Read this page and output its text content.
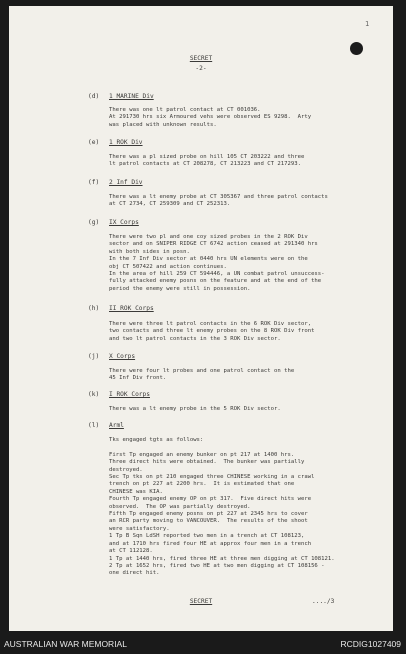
1
SECRET
-2-
(d) 1 MARINE Div
There was one lt patrol contact at CT 001036.
At 291730 hrs six Armoured vehs were observed ES 9298.  Arty
was placed with unknown results.
(e) 1 ROK Div
There was a pl sized probe on hill 105 CT 203222 and three
lt patrol contacts at CT 208278, CT 213223 and CT 217293.
(f) 2 Inf Div
There was a lt enemy probe at CT 305367 and three patrol contacts
at CT 2734, CT 259309 and CT 252313.
(g) IX Corps
There were two pl and one coy sized probes in the 2 ROK Div
sector and on SNIPER RIDGE CT 6742 action ceased at 291340 hrs
with both sides in posn.
In the 7 Inf Div sector at 0440 hrs UN elements were on the
obj CT 507422 and action continues.
In the area of hill 259 CT 594446, a UN combat patrol unsuccess-
fully attacked enemy posns on the feature and at the end of the
period the enemy were still in possession.
(h) II ROK Corps
There were three lt patrol contacts in the 6 ROK Div sector,
two contacts and three lt enemy probes on the 8 ROK Div front
and two lt patrol contacts in the 3 ROK Div sector.
(j) X Corps
There were four lt probes and one patrol contact on the
45 Inf Div front.
(k) I ROK Corps
There was a lt enemy probe in the 5 ROK Div sector.
(l) Arml
Tks engaged tgts as follows:

First Tp engaged an enemy bunker on pt 217 at 1400 hrs.
Three direct hits were obtained.  The bunker was partially
destroyed.
Sec Tp tks on pt 210 engaged three CHINESE working in a crawl
trench on pt 227 at 2200 hrs.  It is estimated that one
CHINESE was KIA.
Fourth Tp engaged enemy OP on pt 317.  Five direct hits were
observed.  The OP was partially destroyed.
Fifth Tp engaged enemy posns on pt 227 at 2345 hrs to cover
an RCR party moving to VANCOUVER.  The results of the shoot
were satisfactory.
1 Tp B Sqn LdSH reported two men in a trench at CT 108123,
and at 1710 hrs fired four HE at approx four men in a trench
at CT 112128.
1 Tp at 1440 hrs, fired three HE at three men digging at CT 108121.
2 Tp at 1652 hrs, fired two HE at two men digging at CT 108156 -
one direct hit.
SECRET	..../3
AUSTRALIAN WAR MEMORIAL	RCDIG1027409
